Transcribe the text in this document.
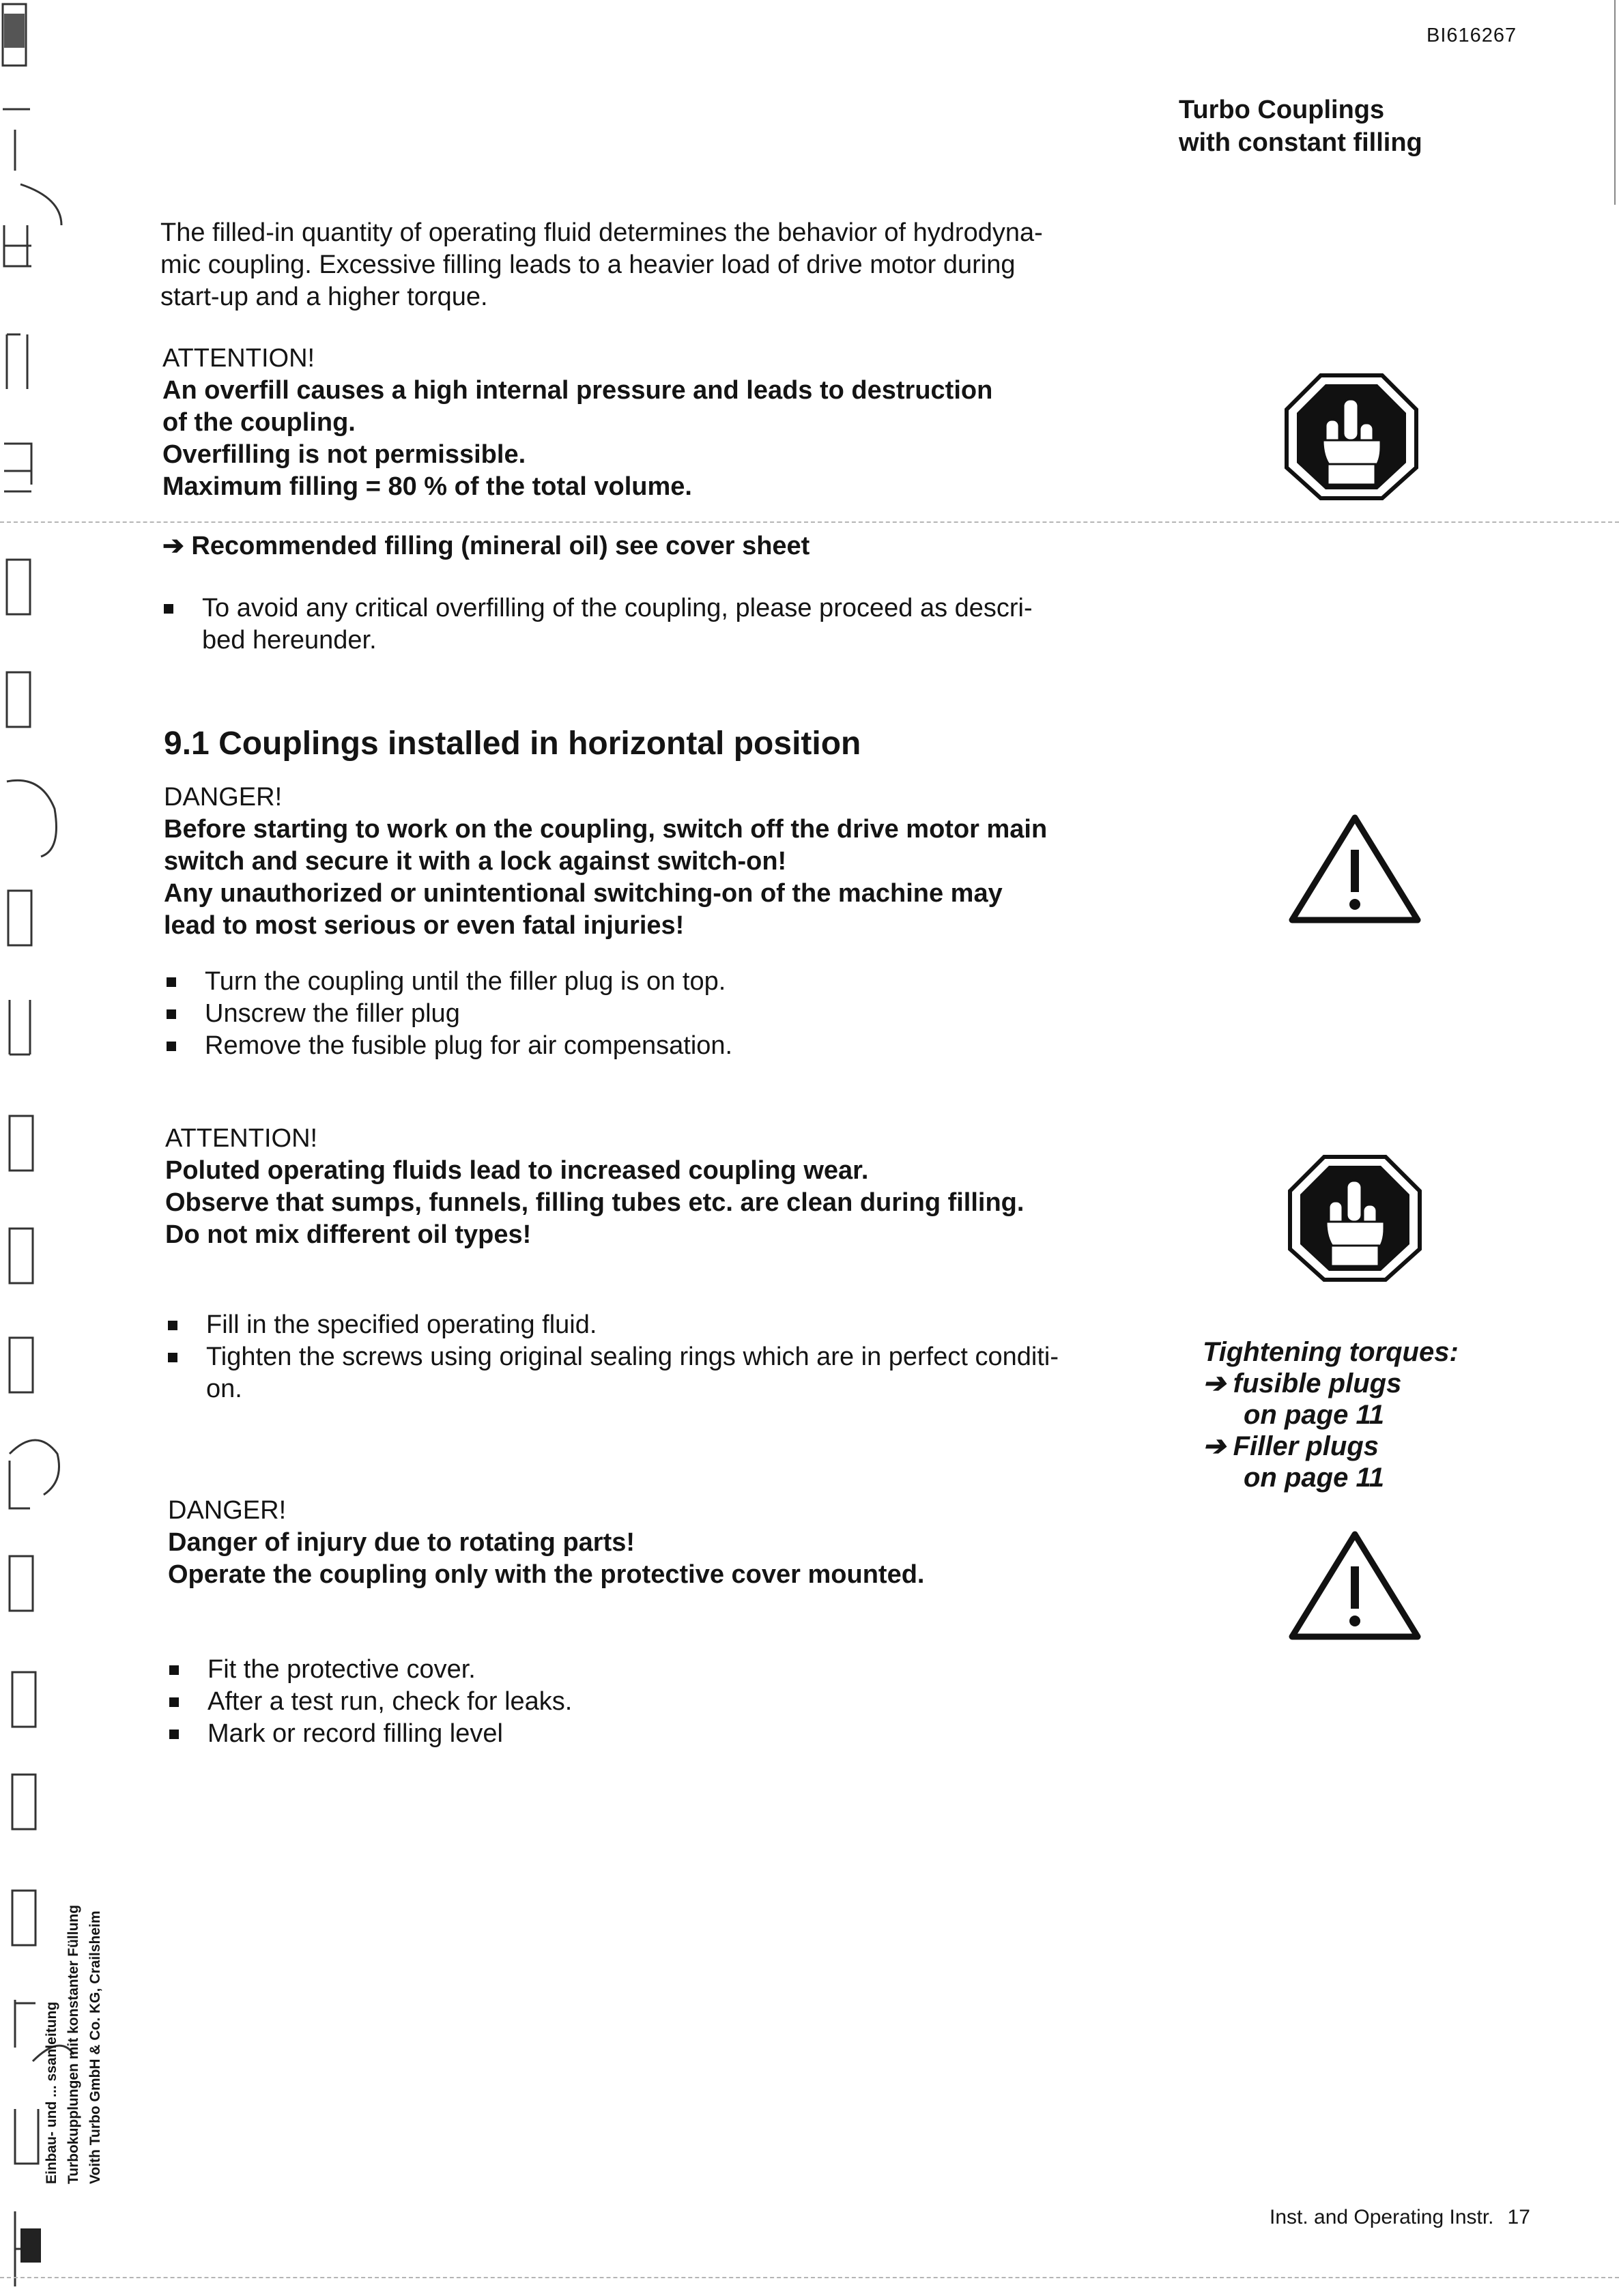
BI616267
Turbo Couplings
with constant filling
The filled-in quantity of operating fluid determines the behavior of hydrodyna-
mic coupling. Excessive filling leads to a heavier load of drive motor during
start-up and a higher torque.
ATTENTION!
An overfill causes a high internal pressure and leads to destruction
of the coupling.
Overfilling is not permissible.
Maximum filling = 80 % of the total volume.
➔ Recommended filling (mineral oil) see cover sheet
To avoid any critical overfilling of the coupling, please proceed as descri-
bed hereunder.
9.1 Couplings installed in horizontal position
DANGER!
Before starting to work on the coupling, switch off the drive motor main
switch and secure it with a lock against switch-on!
Any unauthorized or unintentional switching-on of the machine may
lead to most serious or even fatal injuries!
Turn the coupling until the filler plug is on top.
Unscrew the filler plug
Remove the fusible plug for air compensation.
ATTENTION!
Poluted operating fluids lead to increased coupling wear.
Observe that sumps, funnels, filling tubes etc. are clean during filling.
Do not mix different oil types!
Fill in the specified operating fluid.
Tighten the screws using original sealing rings which are in perfect conditi-
on.
Tightening torques:
➔ fusible plugs
on page 11
➔ Filler plugs
on page 11
DANGER!
Danger of injury due to rotating parts!
Operate the coupling only with the protective cover mounted.
Fit the protective cover.
After a test run, check for leaks.
Mark or record filling level
Einbau- und ... ssanleitung Turbokupplungen mit konstanter Füllung Voith Turbo GmbH & Co. KG, Crailsheim
Inst. and Operating Instr. 17
